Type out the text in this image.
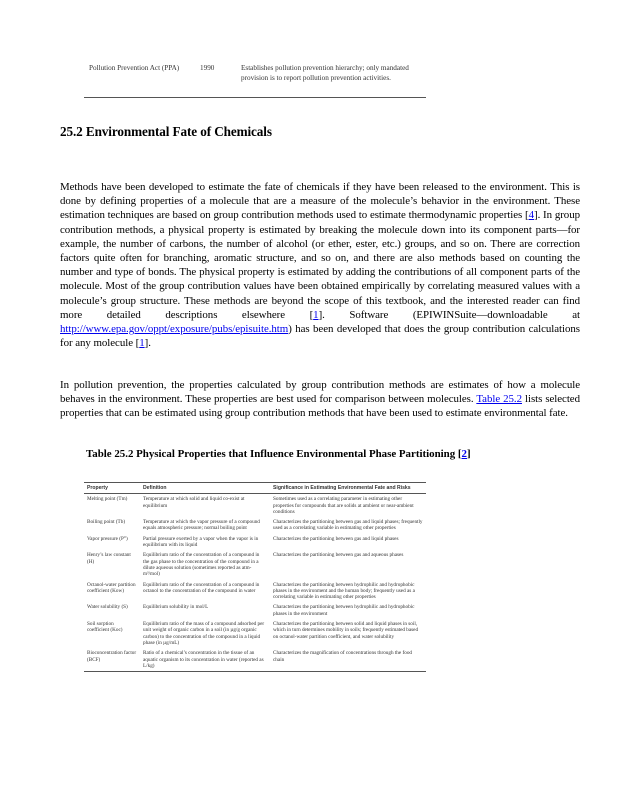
Pollution Prevention Act (PPA)	1990	Establishes pollution prevention hierarchy; only mandated provision is to report pollution prevention activities.
25.2 Environmental Fate of Chemicals

Methods have been developed to estimate the fate of chemicals if they have been released to the environment. This is done by defining properties of a molecule that are a measure of the molecule’s behavior in the environment. These estimation techniques are based on group contribution methods used to estimate thermodynamic properties [4]. In group contribution methods, a physical property is estimated by breaking the molecule down into its component parts—for example, the number of carbons, the number of alcohol (or ether, ester, etc.) groups, and so on. There are correction factors quite often for branching, aromatic structure, and so on, and there are also methods based on counting the number and type of bonds. The physical property is estimated by adding the contributions of all component parts of the molecule. Most of the group contribution values have been obtained empirically by correlating measured values with a molecule’s group structure. These methods are beyond the scope of this textbook, and the interested reader can find more detailed descriptions elsewhere [1]. Software (EPIWINSuite—downloadable at http://www.epa.gov/oppt/exposure/pubs/episuite.htm) has been developed that does the group contribution calculations for any molecule [1].

In pollution prevention, the properties calculated by group contribution methods are estimates of how a molecule behaves in the environment. These properties are best used for comparison between molecules. Table 25.2 lists selected properties that can be estimated using group contribution methods that have been used to estimate environmental fate.

Table 25.2 Physical Properties that Influence Environmental Phase Partitioning [2]

Property	Definition	Significance in Estimating Environmental Fate and Risks
Melting point (Tm)	Temperature at which solid and liquid co-exist at equilibrium	Sometimes used as a correlating parameter in estimating other properties for compounds that are solids at ambient or near-ambient conditions
Boiling point (Tb)	Temperature at which the vapor pressure of a compound equals atmospheric pressure; normal boiling point	Characterizes the partitioning between gas and liquid phases; frequently used as a correlating variable in estimating other properties
Vapor pressure (P°)	Partial pressure exerted by a vapor when the vapor is in equilibrium with its liquid	Characterizes the partitioning between gas and liquid phases
Henry’s law constant (H)	Equilibrium ratio of the concentration of a compound in the gas phase to the concentration of the compound in a dilute aqueous solution (sometimes reported as atm-m³/mol)	Characterizes the partitioning between gas and aqueous phases
Octanol-water partition coefficient (Kow)	Equilibrium ratio of the concentration of a compound in octanol to the concentration of the compound in water	Characterizes the partitioning between hydrophilic and hydrophobic phases in the environment and the human body; frequently used as a correlating variable in estimating other properties
Water solubility (S)	Equilibrium solubility in mol/L	Characterizes the partitioning between hydrophilic and hydrophobic phases in the environment
Soil sorption coefficient (Koc)	Equilibrium ratio of the mass of a compound adsorbed per unit weight of organic carbon in a soil (in µg/g organic carbon) to the concentration of the compound in a liquid phase (in µg/mL)	Characterizes the partitioning between solid and liquid phases in soil, which in turn determines mobility in soils; frequently estimated based on octanol-water partition coefficient, and water solubility
Bioconcentration factor (BCF)	Ratio of a chemical’s concentration in the tissue of an aquatic organism to its concentration in water (reported as L/kg)	Characterizes the magnification of concentrations through the food chain
